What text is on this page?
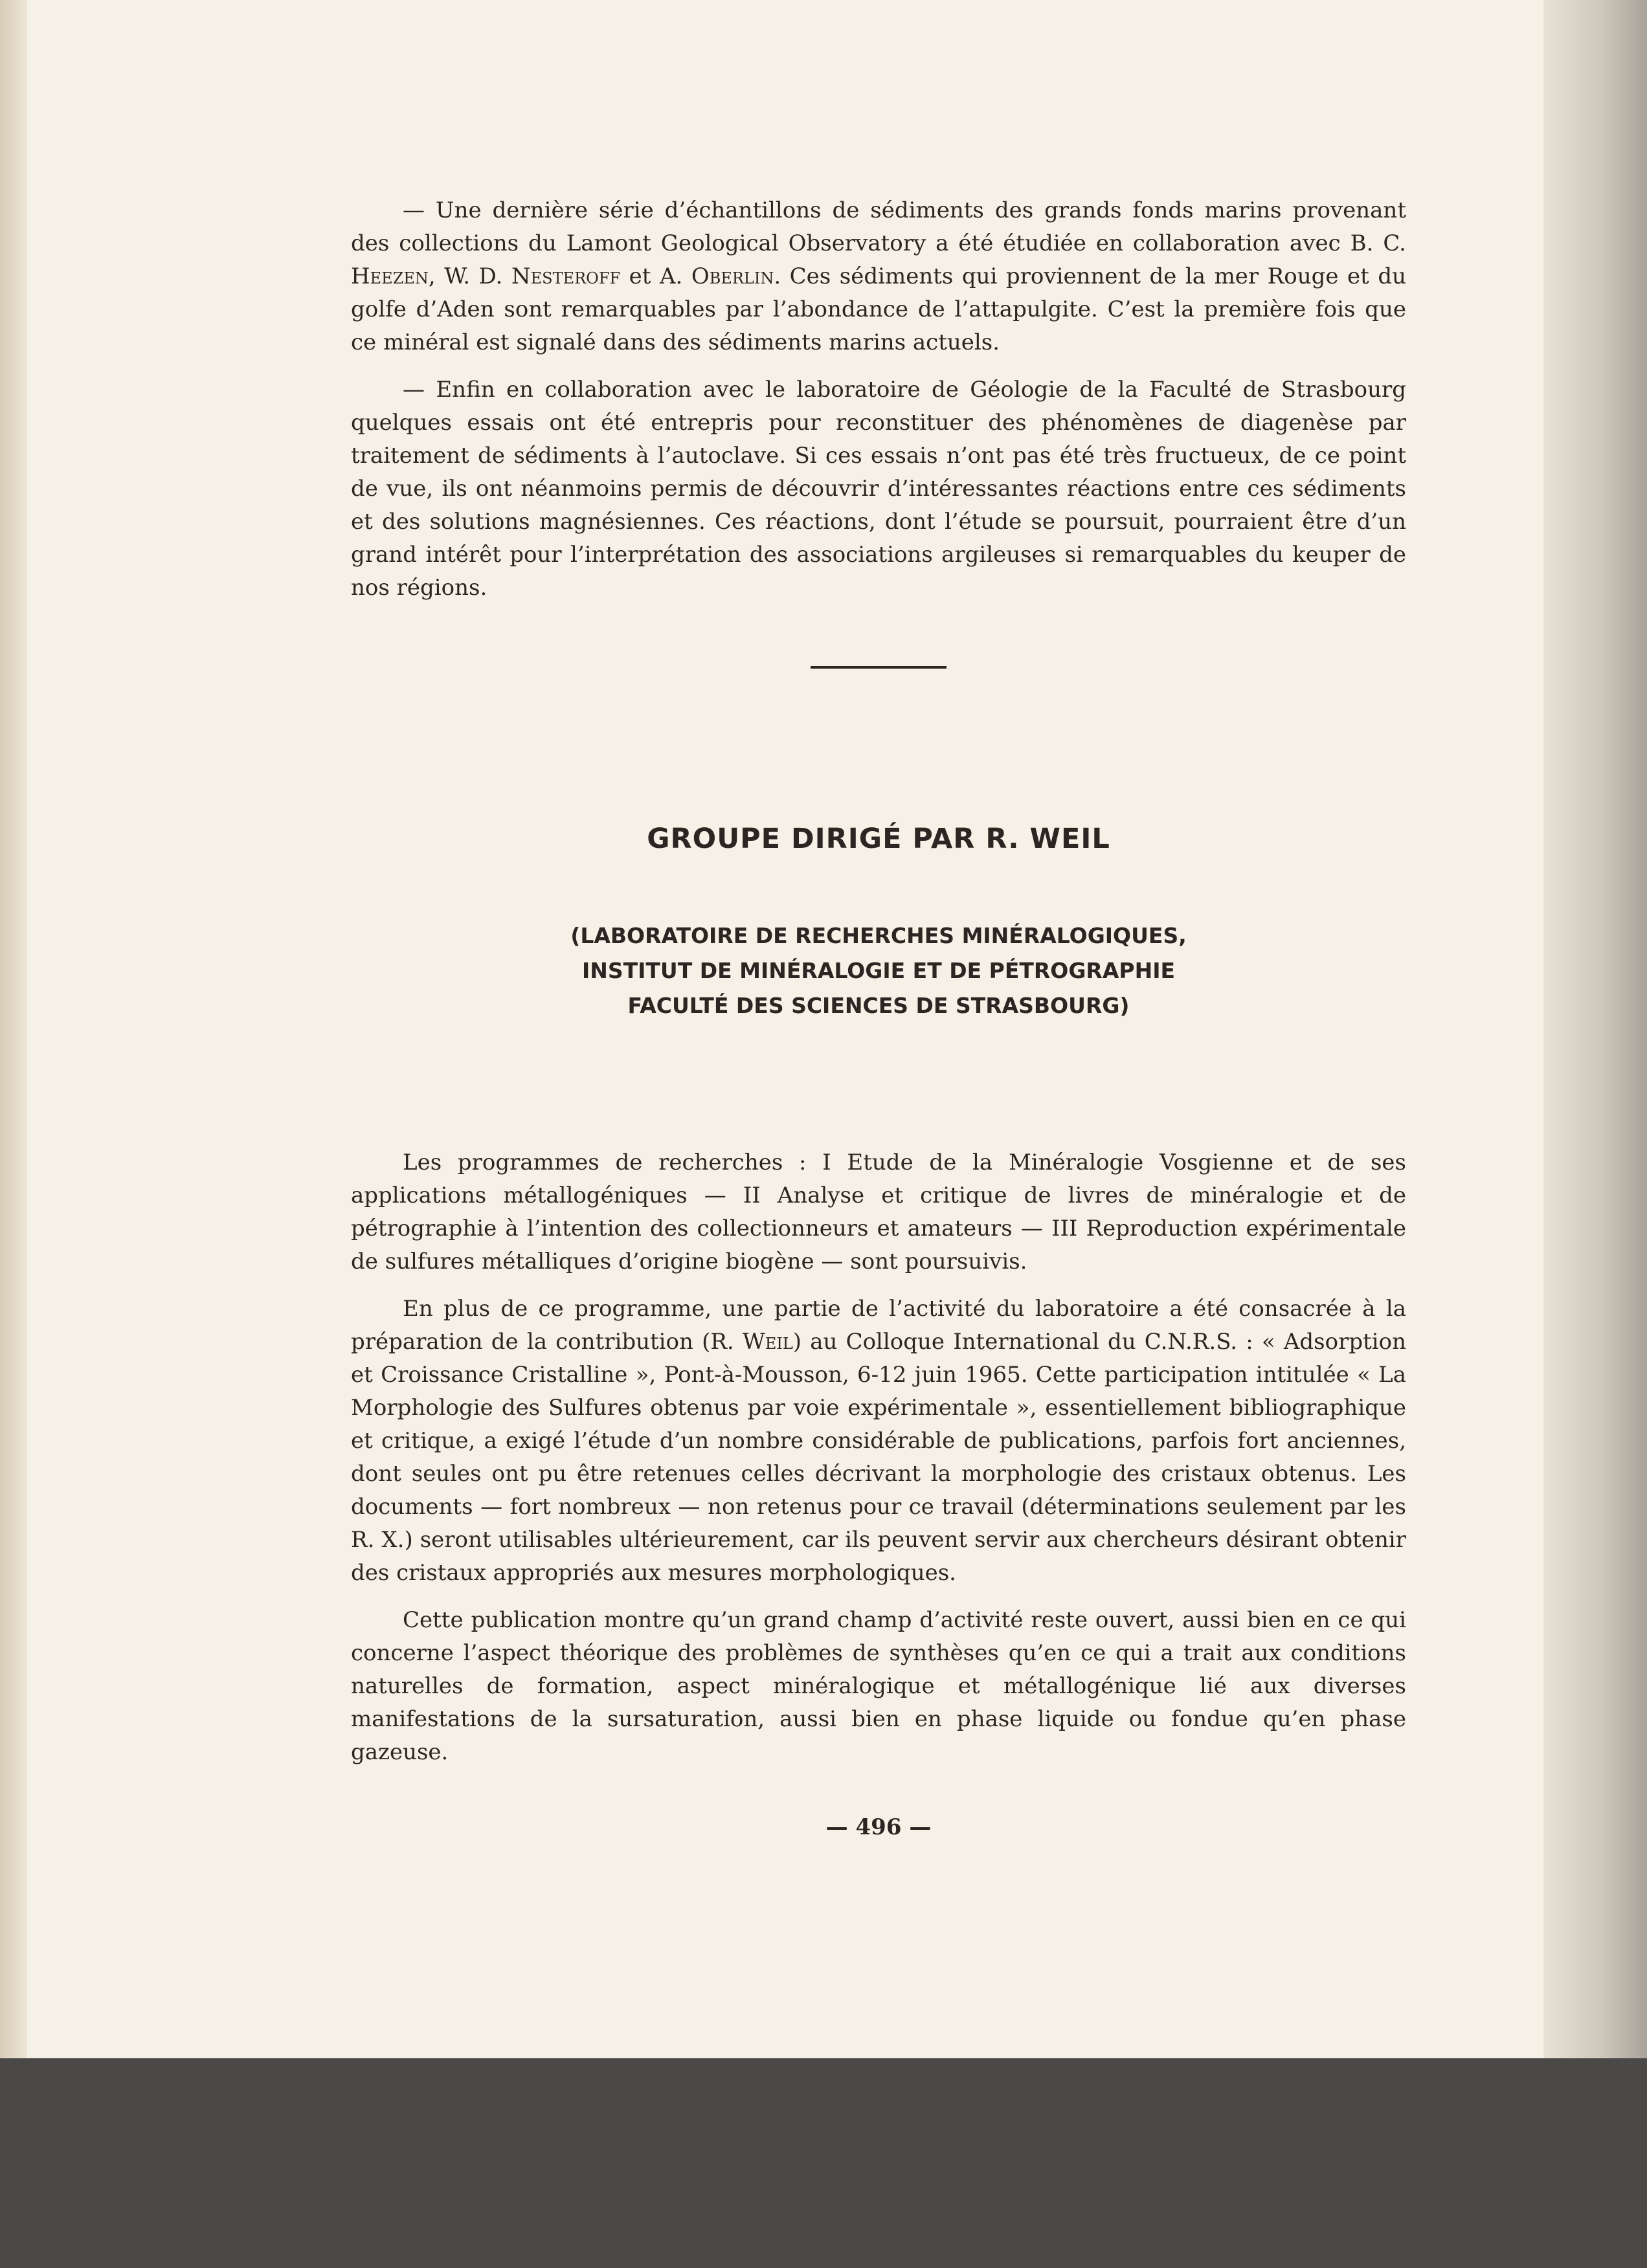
— Une dernière série d’échantillons de sédiments des grands fonds marins provenant des collections du Lamont Geological Observatory a été étudiée en collaboration avec B. C. Heezen, W. D. Nesteroff et A. Oberlin. Ces sédiments qui proviennent de la mer Rouge et du golfe d’Aden sont remarquables par l’abondance de l’attapulgite. C’est la première fois que ce minéral est signalé dans des sédiments marins actuels.

— Enfin en collaboration avec le laboratoire de Géologie de la Faculté de Strasbourg quelques essais ont été entrepris pour reconstituer des phénomènes de diagenèse par traitement de sédiments à l’autoclave. Si ces essais n’ont pas été très fructueux, de ce point de vue, ils ont néanmoins permis de découvrir d’intéressantes réactions entre ces sédiments et des solutions magnésiennes. Ces réactions, dont l’étude se poursuit, pourraient être d’un grand intérêt pour l’interprétation des associations argileuses si remarquables du keuper de nos régions.

GROUPE DIRIGÉ PAR R. WEIL
(LABORATOIRE DE RECHERCHES MINÉRALOGIQUES,
INSTITUT DE MINÉRALOGIE ET DE PÉTROGRAPHIE
FACULTÉ DES SCIENCES DE STRASBOURG)

Les programmes de recherches : I Etude de la Minéralogie Vosgienne et de ses applications métallogéniques — II Analyse et critique de livres de minéralogie et de pétrographie à l’intention des collectionneurs et amateurs — III Reproduction expérimentale de sulfures métalliques d’origine biogène — sont poursuivis.

En plus de ce programme, une partie de l’activité du laboratoire a été consacrée à la préparation de la contribution (R. Weil) au Colloque International du C.N.R.S. : « Adsorption et Croissance Cristalline », Pont-à-Mousson, 6-12 juin 1965. Cette participation intitulée « La Morphologie des Sulfures obtenus par voie expérimentale », essentiellement bibliographique et critique, a exigé l’étude d’un nombre considérable de publications, parfois fort anciennes, dont seules ont pu être retenues celles décrivant la morphologie des cristaux obtenus. Les documents — fort nombreux — non retenus pour ce travail (déterminations seulement par les R. X.) seront utilisables ultérieurement, car ils peuvent servir aux chercheurs désirant obtenir des cristaux appropriés aux mesures morphologiques.

Cette publication montre qu’un grand champ d’activité reste ouvert, aussi bien en ce qui concerne l’aspect théorique des problèmes de synthèses qu’en ce qui a trait aux conditions naturelles de formation, aspect minéralogique et métallogénique lié aux diverses manifestations de la sursaturation, aussi bien en phase liquide ou fondue qu’en phase gazeuse.

— 496 —
